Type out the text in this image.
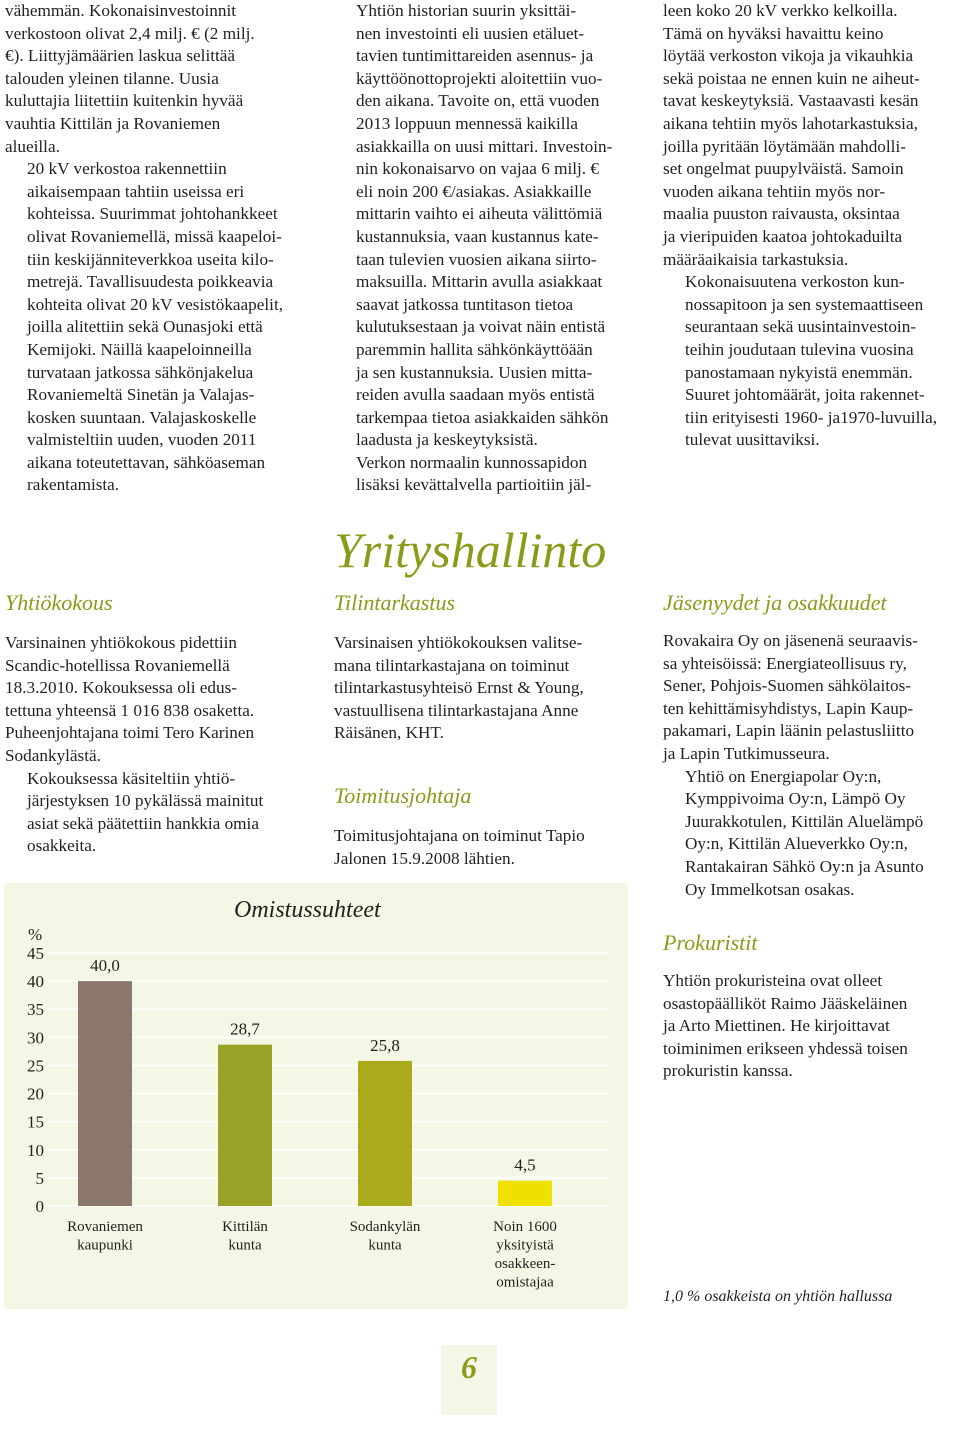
vähemmän. Kokonaisinvestoinnit
verkostoon olivat 2,4 milj. € (2 milj.
€). Liittyjämäärien laskua selittää
talouden yleinen tilanne. Uusia
kuluttajia liitettiin kuitenkin hyvää
vauhtia Kittilän ja Rovaniemen
alueilla.

20 kV verkostoa rakennettiin
aikaisempaan tahtiin useissa eri
kohteissa. Suurimmat johtohankkeet
olivat Rovaniemellä, missä kaapeloi-
tiin keskijänniteverkkoa useita kilo-
metrejä. Tavallisuudesta poikkeavia
kohteita olivat 20 kV vesistökaapelit,
joilla alitettiin sekä Ounasjoki että
Kemijoki. Näillä kaapeloinneilla
turvataan jatkossa sähkönjakelua
Rovaniemeltä Sinetän ja Valajas-
kosken suuntaan. Valajaskoskelle
valmisteltiin uuden, vuoden 2011
aikana toteutettavan, sähköaseman
rakentamista.

Yhtiön historian suurin yksittäi-
nen investointi eli uusien etäluet-
tavien tuntimittareiden asennus- ja
käyttöönottoprojekti aloitettiin vuo-
den aikana. Tavoite on, että vuoden
2013 loppuun mennessä kaikilla
asiakkailla on uusi mittari. Investoin-
nin kokonaisarvo on vajaa 6 milj. €
eli noin 200 €/asiakas. Asiakkaille
mittarin vaihto ei aiheuta välittömiä
kustannuksia, vaan kustannus kate-
taan tulevien vuosien aikana siirto-
maksuilla. Mittarin avulla asiakkaat
saavat jatkossa tuntitason tietoa
kulutuksestaan ja voivat näin entistä
paremmin hallita sähkönkäyttöään
ja sen kustannuksia. Uusien mitta-
reiden avulla saadaan myös entistä
tarkempaa tietoa asiakkaiden sähkön
laadusta ja keskeytyksistä.

Verkon normaalin kunnossapidon
lisäksi kevättalvella partioitiin jäl-

leen koko 20 kV verkko kelkoilla.
Tämä on hyväksi havaittu keino
löytää verkoston vikoja ja vikauhkia
sekä poistaa ne ennen kuin ne aiheut-
tavat keskeytyksiä. Vastaavasti kesän
aikana tehtiin myös lahotarkastuksia,
joilla pyritään löytämään mahdolli-
set ongelmat puupylväistä. Samoin
vuoden aikana tehtiin myös nor-
maalia puuston raivausta, oksintaa
ja vieripuiden kaatoa johtokaduilta
määräaikaisia tarkastuksia.

Kokonaisuutena verkoston kun-
nossapitoon ja sen systemaattiseen
seurantaan sekä uusintainvestoin-
teihin joudutaan tulevina vuosina
panostamaan nykyistä enemmän.
Suuret johtomäärät, joita rakennet-
tiin erityisesti 1960- ja1970-luvuilla,
tulevat uusittaviksi.

Yrityshallinto
Yhtiökokous	Tilintarkastus	Jäsenyydet ja osakkuudet
Toimitusjohtaja
Prokuristit

Varsinainen yhtiökokous pidettiin
Scandic-hotellissa Rovaniemellä
18.3.2010. Kokouksessa oli edus-
tettuna yhteensä 1 016 838 osaketta.
Puheenjohtajana toimi Tero Karinen
Sodankylästä.

Kokouksessa käsiteltiin yhtiö-
järjestyksen 10 pykälässä mainitut
asiat sekä päätettiin hankkia omia
osakkeita.

Varsinaisen yhtiökokouksen valitse-
mana tilintarkastajana on toiminut
tilintarkastusyhteisö Ernst & Young,
vastuullisena tilintarkastajana Anne
Räisänen, KHT.

Toimitusjohtajana on toiminut Tapio
Jalonen 15.9.2008 lähtien.

Rovakaira Oy on jäsenenä seuraavis-
sa yhteisöissä: Energiateollisuus ry,
Sener, Pohjois-Suomen sähkölaitos-
ten kehittämisyhdistys, Lapin Kaup-
pakamari, Lapin läänin pelastusliitto
ja Lapin Tutkimusseura.

Yhtiö on Energiapolar Oy:n,
Kymppivoima Oy:n, Lämpö Oy
Juurakkotulen, Kittilän Aluelämpö
Oy:n, Kittilän Alueverkko Oy:n,
Rantakairan Sähkö Oy:n ja Asunto
Oy Immelkotsan osakas.

Yhtiön prokuristeina ovat olleet
osastopäälliköt Raimo Jääskeläinen
ja Arto Miettinen. He kirjoittavat
toiminimen erikseen yhdessä toisen
prokuristin kanssa.

1,0 % osakkeista on yhtiön hallussa
0
5
10
15
20
25
30
35
40
45
40,0
28,7
25,8
4,5
Rovaniemen
kaupunki
Kittilän
kunta
Sodankylän
kunta
Noin 1600
yksityistä
osakkeen-
omistajaa
Omistussuhteet
%
6
